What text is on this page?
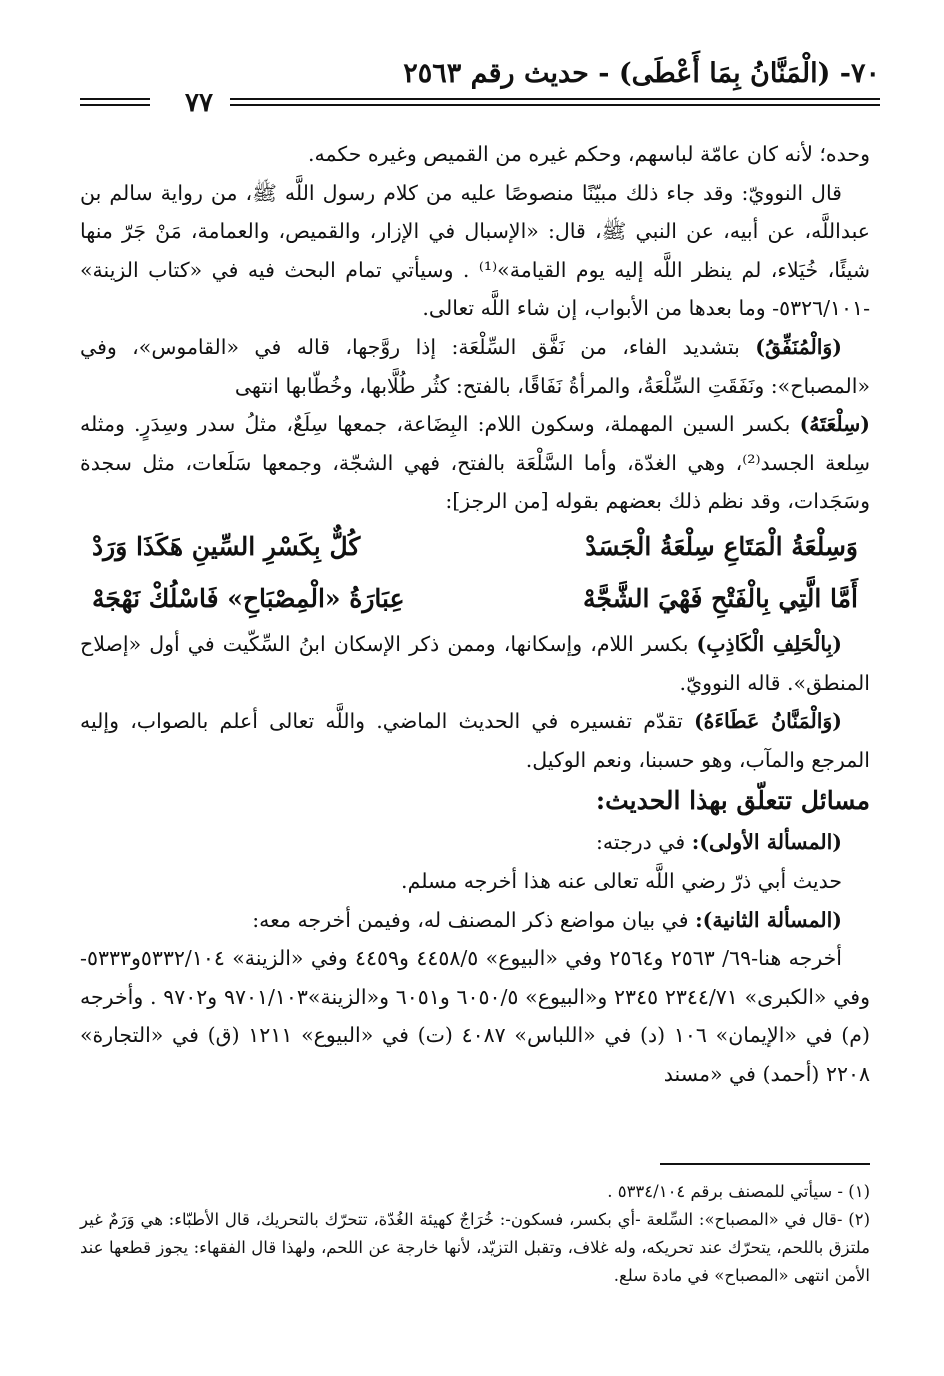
٧٠- (الْمَنَّانُ بِمَا أَعْطَى) - حديث رقم ٢٥٦٣
٧٧

وحده؛ لأنه كان عامّة لباسهم، وحكم غيره من القميص وغيره حكمه.

قال النوويّ: وقد جاء ذلك مبيّنًا منصوصًا عليه من كلام رسول اللَّه ﷺ، من رواية سالم بن عبداللَّه، عن أبيه، عن النبي ﷺ، قال: «الإسبال في الإزار، والقميص، والعمامة، مَنْ جَرّ منها شيئًا، خُيَلاء، لم ينظر اللَّه إليه يوم القيامة»⁽¹⁾ . وسيأتي تمام البحث فيه في «كتاب الزينة» -٥٣٢٦/١٠١- وما بعدها من الأبواب، إن شاء اللَّه تعالى.

(وَالْمُنَفِّقُ) بتشديد الفاء، من نَفَّق السِّلْعَة: إذا روَّجها، قاله في «القاموس»، وفي «المصباح»: ونَفَقَتِ السِّلْعَةُ، والمرأةُ نَفَاقًا، بالفتح: كثُر طُلَّابها، وخُطّابها انتهى

(سِلْعَتَهُ) بكسر السين المهملة، وسكون اللام: البِضَاعة، جمعها سِلَعٌ، مثلُ سدر وسِدَرٍ. ومثله سِلعة الجسد⁽²⁾، وهي الغدّة، وأما السَّلْعَة بالفتح، فهي الشجّة، وجمعها سَلَعات، مثل سجدة وسَجَدات، وقد نظم ذلك بعضهم بقوله [من الرجز]:

وَسِلْعَةُ الْمَتَاعِ سِلْعَةُ الْجَسَدْ
كُلٌّ بِكَسْرِ السِّينِ هَكَذَا وَرَدْ
أَمَّا الَّتِي بِالْفَتْحِ فَهْيَ الشَّجَّهْ
عِبَارَةُ «الْمِصْبَاحِ» فَاسْلُكْ نَهْجَهْ

(بِالْحَلِفِ الْكَاذِبِ) بكسر اللام، وإسكانها، وممن ذكر الإسكان ابنُ السِّكّيت في أول «إصلاح المنطق». قاله النوويّ.

(وَالْمَنَّانُ عَطَاءَهُ) تقدّم تفسيره في الحديث الماضي. واللَّه تعالى أعلم بالصواب، وإليه المرجع والمآب، وهو حسبنا، ونعم الوكيل.

مسائل تتعلّق بهذا الحديث:

(المسألة الأولى): في درجته:

حديث أبي ذرّ رضي اللَّه تعالى عنه هذا أخرجه مسلم.

(المسألة الثانية): في بيان مواضع ذكر المصنف له، وفيمن أخرجه معه:

أخرجه هنا-٦٩/ ٢٥٦٣ و٢٥٦٤ وفي «البيوع» ٤٤٥٨/٥ و٤٤٥٩ وفي «الزينة» ٥٣٣٢/١٠٤و٥٣٣٣- وفي «الكبرى» ٢٣٤٤/٧١ ٢٣٤٥ و«البيوع» ٦٠٥٠/٥ و٦٠٥١ و«الزينة»٩٧٠١/١٠٣ و٩٧٠٢ . وأخرجه (م) في «الإيمان» ١٠٦ (د) في «اللباس» ٤٠٨٧ (ت) في «البيوع» ١٢١١ (ق) في «التجارة» ٢٢٠٨ (أحمد) في «مسند

(١) - سيأتي للمصنف برقم ٥٣٣٤/١٠٤ .

(٢) -قال في «المصباح»: السِّلعة -أي بكسر، فسكون-: خُرَاجٌ كهيئة الغُدّة، تتحرّك بالتحريك، قال الأطبّاء: هي وَرَمٌ غير ملتزق باللحم، يتحرّك عند تحريكه، وله غلاف، وتقبل التزيّد، لأنها خارجة عن اللحم، ولهذا قال الفقهاء: يجوز قطعها عند الأمن انتهى «المصباح» في مادة سلع.
